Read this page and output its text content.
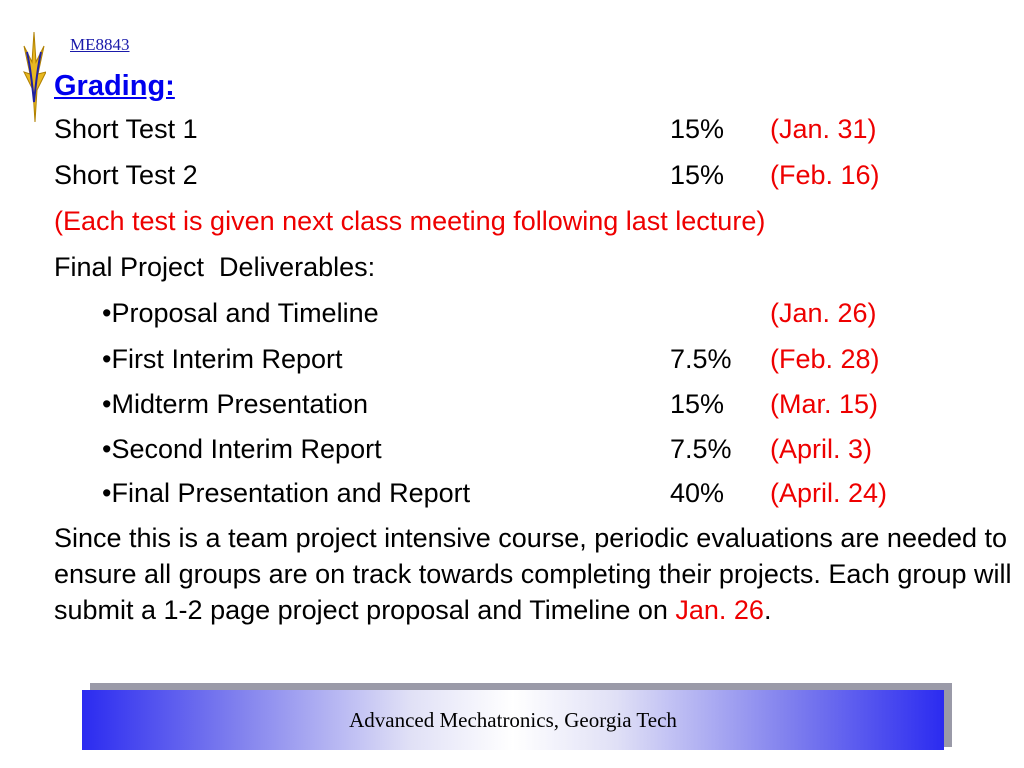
ME8843
Grading:
Short Test 1	15% (Jan. 31)
Short Test 2	15% (Feb. 16)
(Each test is given next class meeting following last lecture)
Final Project  Deliverables:
•Proposal and Timeline	(Jan. 26)
•First Interim Report	7.5% (Feb. 28)
•Midterm Presentation	15% (Mar. 15)
•Second Interim Report	7.5% (April. 3)
•Final Presentation and Report	40% (April. 24)
Since this is a team project intensive course, periodic evaluations are needed to ensure all groups are on track towards completing their projects. Each group will submit a 1-2 page project proposal and Timeline on Jan. 26.
Advanced Mechatronics, Georgia Tech
